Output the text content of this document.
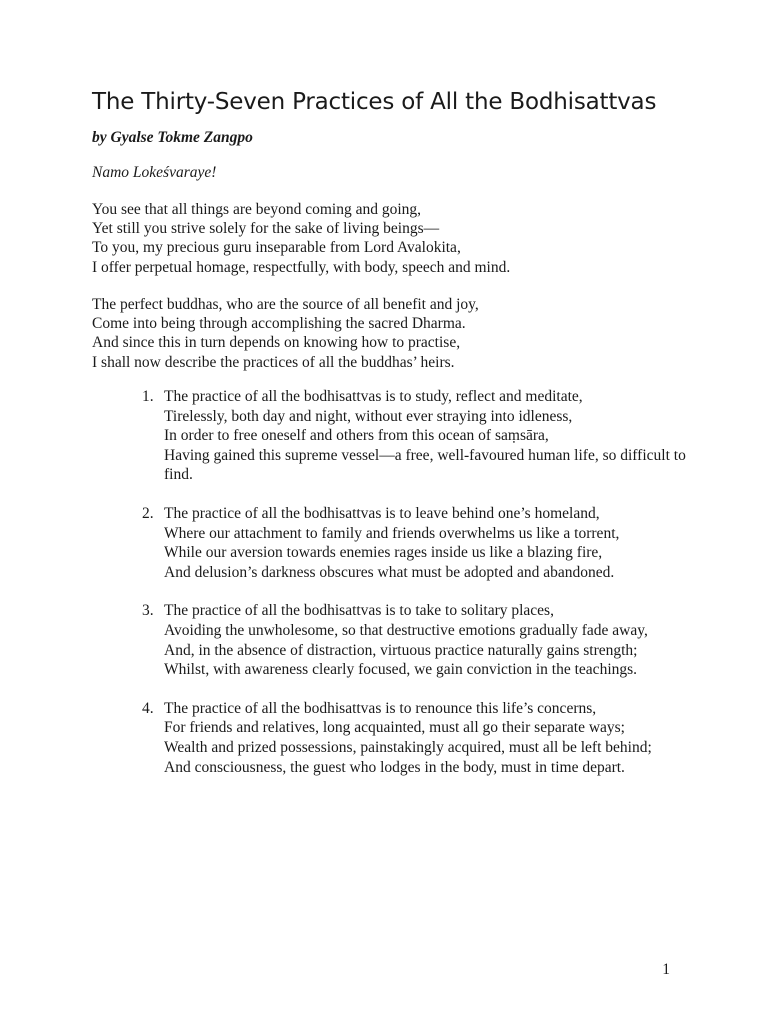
The Thirty-Seven Practices of All the Bodhisattvas

by Gyalse Tokme Zangpo

Namo Lokeśvaraye!

You see that all things are beyond coming and going,
Yet still you strive solely for the sake of living beings—
To you, my precious guru inseparable from Lord Avalokita,
I offer perpetual homage, respectfully, with body, speech and mind.

The perfect buddhas, who are the source of all benefit and joy,
Come into being through accomplishing the sacred Dharma.
And since this in turn depends on knowing how to practise,
I shall now describe the practices of all the buddhas’ heirs.

1. The practice of all the bodhisattvas is to study, reflect and meditate,
Tirelessly, both day and night, without ever straying into idleness,
In order to free oneself and others from this ocean of saṃsāra,
Having gained this supreme vessel—a free, well-favoured human life, so difficult to find.
2. The practice of all the bodhisattvas is to leave behind one’s homeland,
Where our attachment to family and friends overwhelms us like a torrent,
While our aversion towards enemies rages inside us like a blazing fire,
And delusion’s darkness obscures what must be adopted and abandoned.
3. The practice of all the bodhisattvas is to take to solitary places,
Avoiding the unwholesome, so that destructive emotions gradually fade away,
And, in the absence of distraction, virtuous practice naturally gains strength;
Whilst, with awareness clearly focused, we gain conviction in the teachings.
4. The practice of all the bodhisattvas is to renounce this life’s concerns,
For friends and relatives, long acquainted, must all go their separate ways;
Wealth and prized possessions, painstakingly acquired, must all be left behind;
And consciousness, the guest who lodges in the body, must in time depart.
1
